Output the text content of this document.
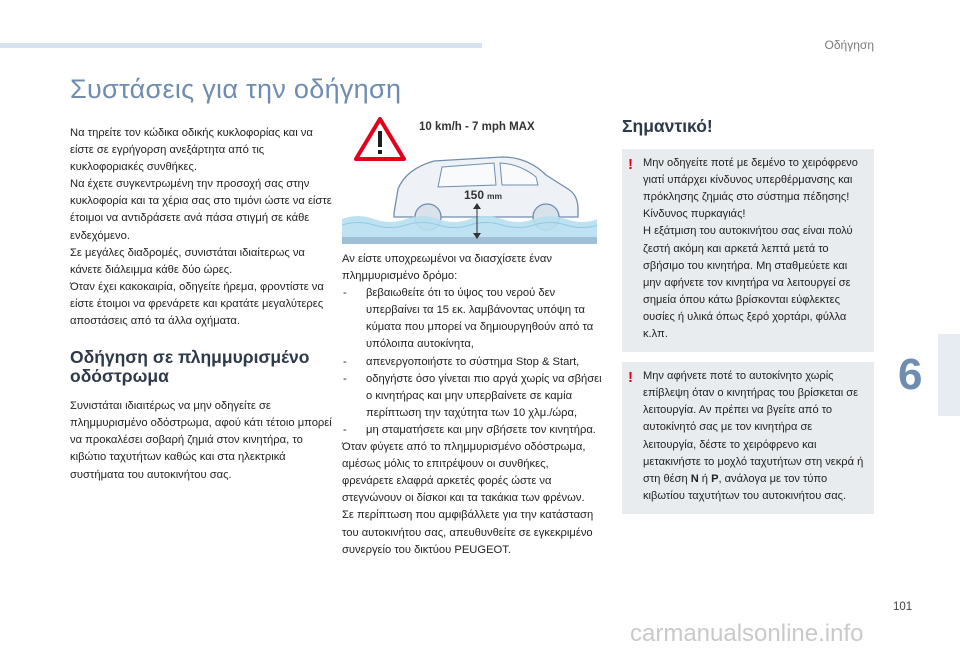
Οδήγηση
Συστάσεις για την οδήγηση

Να τηρείτε τον κώδικα οδικής κυκλοφορίας και να είστε σε εγρήγορση ανεξάρτητα από τις κυκλοφοριακές συνθήκες.
Να έχετε συγκεντρωμένη την προσοχή σας στην κυκλοφορία και τα χέρια σας στο τιμόνι ώστε να είστε έτοιμοι να αντιδράσετε ανά πάσα στιγμή σε κάθε ενδεχόμενο.
Σε μεγάλες διαδρομές, συνιστάται ιδιαίτερως να κάνετε διάλειμμα κάθε δύο ώρες.
Όταν έχει κακοκαιρία, οδηγείτε ήρεμα, φροντίστε να είστε έτοιμοι να φρενάρετε και κρατάτε μεγαλύτερες αποστάσεις από τα άλλα οχήματα.

Οδήγηση σε πλημμυρισμένο οδόστρωμα

Συνιστάται ιδιαιτέρως να μην οδηγείτε σε πλημμυρισμένο οδόστρωμα, αφού κάτι τέτοιο μπορεί να προκαλέσει σοβαρή ζημιά στον κινητήρα, το κιβώτιο ταχυτήτων καθώς και στα ηλεκτρικά συστήματα του αυτοκινήτου σας.

10 km/h - 7 mph MAX
150 mm

Αν είστε υποχρεωμένοι να διασχίσετε έναν πλημμυρισμένο δρόμο:

- βεβαιωθείτε ότι το ύψος του νερού δεν υπερβαίνει τα 15 εκ. λαμβάνοντας υπόψη τα κύματα που μπορεί να δημιουργηθούν από τα υπόλοιπα αυτοκίνητα,
- απενεργοποιήστε το σύστημα Stop & Start,
- οδηγήστε όσο γίνεται πιο αργά χωρίς να σβήσει ο κινητήρας και μην υπερβαίνετε σε καμία περίπτωση την ταχύτητα των 10 χλμ./ώρα,
- μη σταματήσετε και μην σβήσετε τον κινητήρα.

Όταν φύγετε από το πλημμυρισμένο οδόστρωμα, αμέσως μόλις το επιτρέψουν οι συνθήκες, φρενάρετε ελαφρά αρκετές φορές ώστε να στεγνώνουν οι δίσκοι και τα τακάκια των φρένων.
Σε περίπτωση που αμφιβάλλετε για την κατάσταση του αυτοκινήτου σας, απευθυνθείτε σε εγκεκριμένο συνεργείο του δικτύου PEUGEOT.

Σημαντικό!
! Μην οδηγείτε ποτέ με δεμένο το χειρόφρενο γιατί υπάρχει κίνδυνος υπερθέρμανσης και πρόκλησης ζημιάς στο σύστημα πέδησης!
Κίνδυνος πυρκαγιάς!
Η εξάτμιση του αυτοκινήτου σας είναι πολύ ζεστή ακόμη και αρκετά λεπτά μετά το σβήσιμο του κινητήρα. Μη σταθμεύετε και μην αφήνετε τον κινητήρα να λειτουργεί σε σημεία όπου κάτω βρίσκονται εύφλεκτες ουσίες ή υλικά όπως ξερό χορτάρι, φύλλα κ.λπ.

! Μην αφήνετε ποτέ το αυτοκίνητο χωρίς επίβλεψη όταν ο κινητήρας του βρίσκεται σε λειτουργία. Αν πρέπει να βγείτε από το αυτοκίνητό σας με τον κινητήρα σε λειτουργία, δέστε το χειρόφρενο και μετακινήστε το μοχλό ταχυτήτων στη νεκρά ή στη θέση N ή P, ανάλογα με τον τύπο κιβωτίου ταχυτήτων του αυτοκινήτου σας.

6
101
carmanualsonline.info
